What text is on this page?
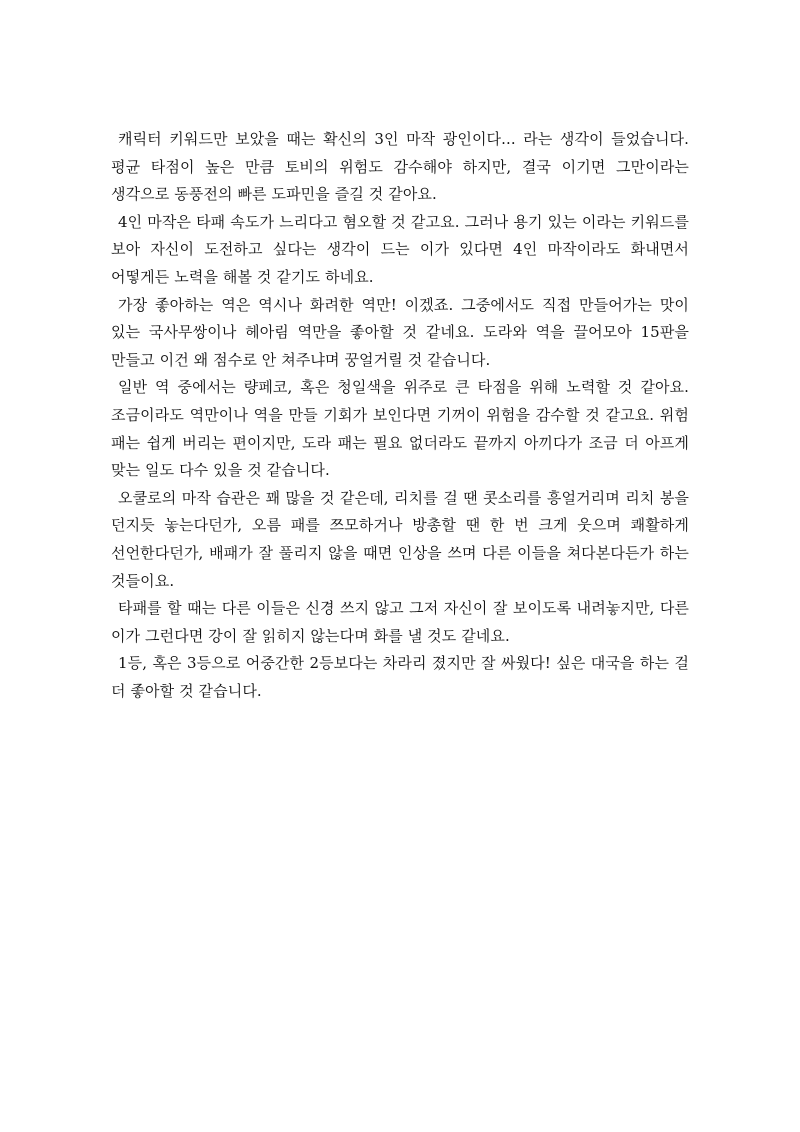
캐릭터 키워드만 보았을 때는 확신의 3인 마작 광인이다... 라는 생각이 들었습니다. 평균 타점이 높은 만큼 토비의 위험도 감수해야 하지만, 결국 이기면 그만이라는 생각으로 동풍전의 빠른 도파민을 즐길 것 같아요.

4인 마작은 타패 속도가 느리다고 혐오할 것 같고요. 그러나 용기 있는 이라는 키워드를 보아 자신이 도전하고 싶다는 생각이 드는 이가 있다면 4인 마작이라도 화내면서 어떻게든 노력을 해볼 것 같기도 하네요.

가장 좋아하는 역은 역시나 화려한 역만! 이겠죠. 그중에서도 직접 만들어가는 맛이 있는 국사무쌍이나 헤아림 역만을 좋아할 것 같네요. 도라와 역을 끌어모아 15판을 만들고 이건 왜 점수로 안 쳐주냐며 꿍얼거릴 것 같습니다.

일반 역 중에서는 량페코, 혹은 청일색을 위주로 큰 타점을 위해 노력할 것 같아요. 조금이라도 역만이나 역을 만들 기회가 보인다면 기꺼이 위험을 감수할 것 같고요. 위험 패는 쉽게 버리는 편이지만, 도라 패는 필요 없더라도 끝까지 아끼다가 조금 더 아프게 맞는 일도 다수 있을 것 같습니다.

오쿨로의 마작 습관은 꽤 많을 것 같은데, 리치를 걸 땐 콧소리를 흥얼거리며 리치 봉을 던지듯 놓는다던가, 오름 패를 쯔모하거나 방총할 땐 한 번 크게 웃으며 쾌활하게 선언한다던가, 배패가 잘 풀리지 않을 때면 인상을 쓰며 다른 이들을 쳐다본다든가 하는 것들이요.

타패를 할 때는 다른 이들은 신경 쓰지 않고 그저 자신이 잘 보이도록 내려놓지만, 다른 이가 그런다면 강이 잘 읽히지 않는다며 화를 낼 것도 같네요.

1등, 혹은 3등으로 어중간한 2등보다는 차라리 졌지만 잘 싸웠다! 싶은 대국을 하는 걸 더 좋아할 것 같습니다.
